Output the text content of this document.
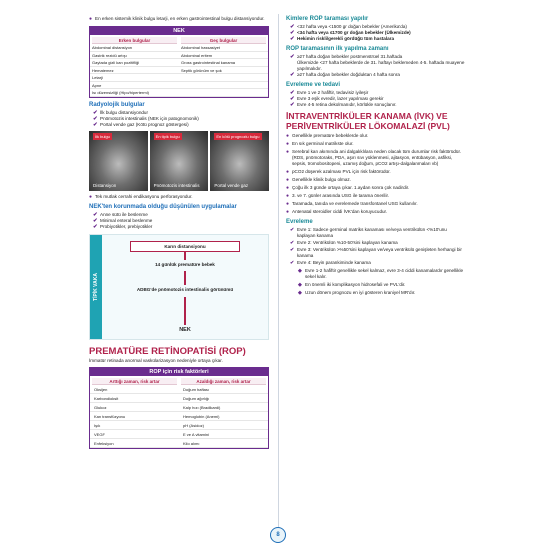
● En erken sistemik klinik bulgu letarji, en erken gastrointestinal bulgu distansiyondur.
NEK
Erken bulgular
Abdominal distansiyon
Gastrik rezidü artışı
Gaytada gizli kan pozitifliği
Hematemez
Letarji
Apne
Isı düzensizliği (Hipo/hipertermi)
Geç bulgular
Abdominal hassasiyet
Abdominal eritem
Gross gastrointestinal kanama
Septik görünüm ve şok
Radyolojik bulgular
✔ İlk bulgu distansiyondur
✔ Pnömotozis intestinalis (NEK için patognomonik)
✔ Portal vende gaz (Kötü prognoz göstergesi)
İlk bulgu
Distansiyon
En tipik bulgu
Pnömotozis intestinalis
En kötü prognozlu bulgu
Portal vende gaz
● Tek mutlak cerrahi endikasyonu perforasyondur.
NEK'ten korunmada olduğu düşünülen uygulamalar
✔ Anne sütü ile beslenme
✔ Minimal enteral beslenme
✔ Probiyotikler, prebiyotikler
TİPİK VAKA
Karın distansiyonu
14 günlük prematüre bebek
ADBG'de pnömotozis intestinalis görünümü
NEK
PREMATÜRE RETİNOPATİSİ (ROP)
İmmatür retinada anormal vaskülarizasyon nedeniyle ortaya çıkar.
ROP için risk faktörleri
Arttığı zaman, risk artar
Oksijen
Karbondioksit
Glukoz
Kan transfüzyonu
Işık
VEGF
Enfeksiyon
Azaldığı zaman, risk artar
Doğum haftası
Doğum ağırlığı
Kalp hızı (Bradikardi)
Hemoglobin (Anemi)
pH (Asidoz)
E ve A vitamini
Kilo alımı
Kimlere ROP taraması yapılır
✔ <32 hafta veya <1500 gr doğan bebekler (Amerika'da)
✔ <34 hafta veya ≤1700 gr doğan bebekler (Ülkemizde)
✔ Hekimin riskli/gerekli gördüğü tüm hastalara
ROP taramasının ilk yapılma zamanı
✔ ≥27 hafta doğan bebekler postmenstrüel 31.haftada
Ülkemizde <27 hafta bebeklerde de 31. haftayı beklemeden 4-5. haftada muayene yapılmalıdır.
✔ ≥27 hafta doğan bebekler doğduktan 4 hafta sonra
Evreleme ve tedavi
✔ Evre 1 ve 2 hafiftir, tedavisiz iyileşir
✔ Evre 3 eşik evredir, lazer yapılması gerekir
✔ Evre 4-5 retina dekolmanıdır, körlükle sonuçlanır.
İNTRAVENTRİKÜLER KANAMA (İVK) VE PERİVENTRİKÜLER LÖKOMALAZİ (PVL)
● Genellikle prematüre bebeklerde olur.
● En sık germinal matrikste olur.
● Serebral kan akımında ani dalgalıklılara neden olacak tüm durumlar risk faktörüdür. (RDS, pnömotoraks, PDA, aşırı sıvı yüklenmesi, ajitasyon, entübasyon, asfiksi, sepsis, tromobositopeni, uzamış doğum, pCO2 artışı-dalgalanmaları vb)
● pCO2 düşerek azalması PVL için risk faktörüdür.
● Genellikle klinik bulgu olmaz.
● Çoğu ilk 3 günde ortaya çıkar. 1.aydan sonra çok nadirdir.
● 3. ve 7. günler arasında USG ile tarama önerilir.
● Taramada, tanıda ve evrelemede transfontanel USG kullanılır.
● Antenatal steroidler ciddi İVK'dan koruyucudur.
Evreleme
✔ Evre 1: Sadece germinal matriks kanaması ve/veya ventrikülün <%10'unu kaplayan kanama
✔ Evre 2: Ventrikülün %10-50'sini kaplayan kanama
✔ Evre 3: Ventrikülün >%50'sini kaplayan ve/veya ventrikülü genişleten herhangi bir kanama
✔ Evre 4: Beyin parankiminde kanama
◆ Evre 1-2 hafiftir genellikle sekel kalmaz, evre 3-4 ciddi kanamalardır genellikle sekel kalır.
◆ En önemli iki komplikasyon hidrosefali ve PVL'dir.
◆ Uzun dönem prognozu en iyi gösteren kraniyel MR'dır.
8
